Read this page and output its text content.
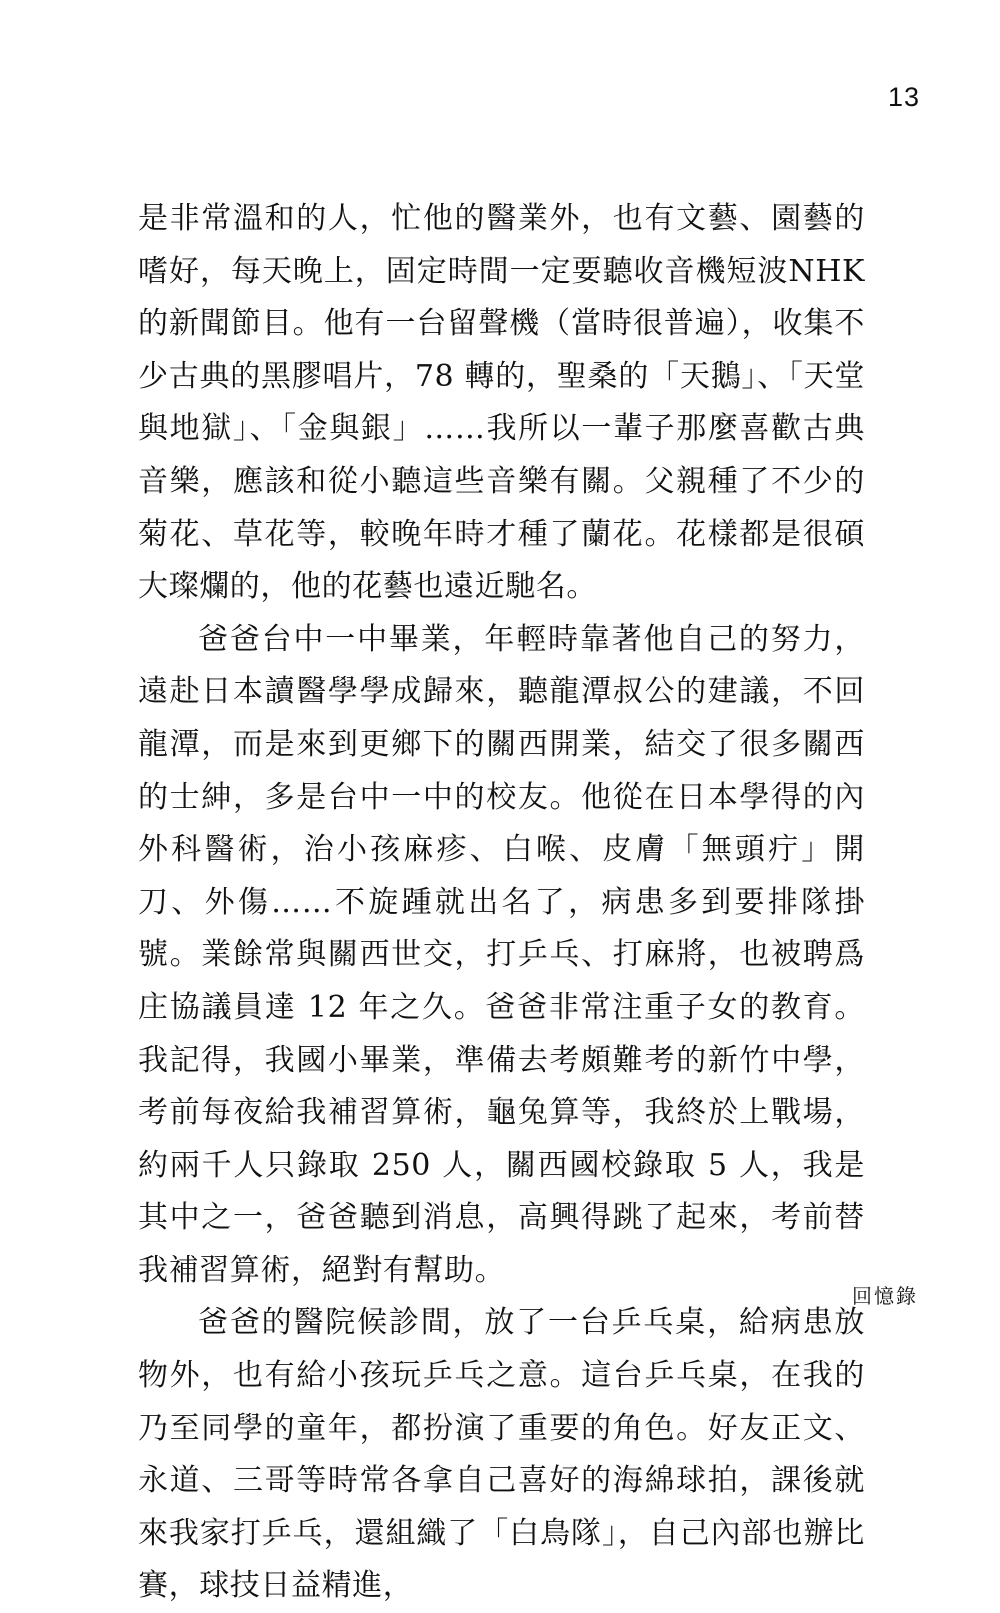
13

是非常溫和的人，忙他的醫業外，也有文藝、園藝的嗜好，每天晚上，固定時間一定要聽收音機短波NHK的新聞節目。他有一台留聲機（當時很普遍），收集不少古典的黑膠唱片，78 轉的，聖桑的「天鵝」、「天堂與地獄」、「金與銀」……我所以一輩子那麼喜歡古典音樂，應該和從小聽這些音樂有關。父親種了不少的菊花、草花等，較晚年時才種了蘭花。花樣都是很碩大璨爛的，他的花藝也遠近馳名。

爸爸台中一中畢業，年輕時靠著他自己的努力，遠赴日本讀醫學學成歸來，聽龍潭叔公的建議，不回龍潭，而是來到更鄉下的關西開業，結交了很多關西的士紳，多是台中一中的校友。他從在日本學得的內外科醫術，治小孩麻疹、白喉、皮膚「無頭疔」開刀、外傷……不旋踵就出名了，病患多到要排隊掛號。業餘常與關西世交，打乒乓、打麻將，也被聘爲庄協議員達 12 年之久。爸爸非常注重子女的教育。我記得，我國小畢業，準備去考頗難考的新竹中學，考前每夜給我補習算術，龜兔算等，我終於上戰場，約兩千人只錄取 250 人，關西國校錄取 5 人，我是其中之一，爸爸聽到消息，高興得跳了起來，考前替我補習算術，絕對有幫助。

爸爸的醫院候診間，放了一台乒乓桌，給病患放物外，也有給小孩玩乒乓之意。這台乒乓桌，在我的乃至同學的童年，都扮演了重要的角色。好友正文、永道、三哥等時常各拿自己喜好的海綿球拍，課後就來我家打乒乓，還組織了「白鳥隊」，自己內部也辦比賽，球技日益精進，

回憶錄
